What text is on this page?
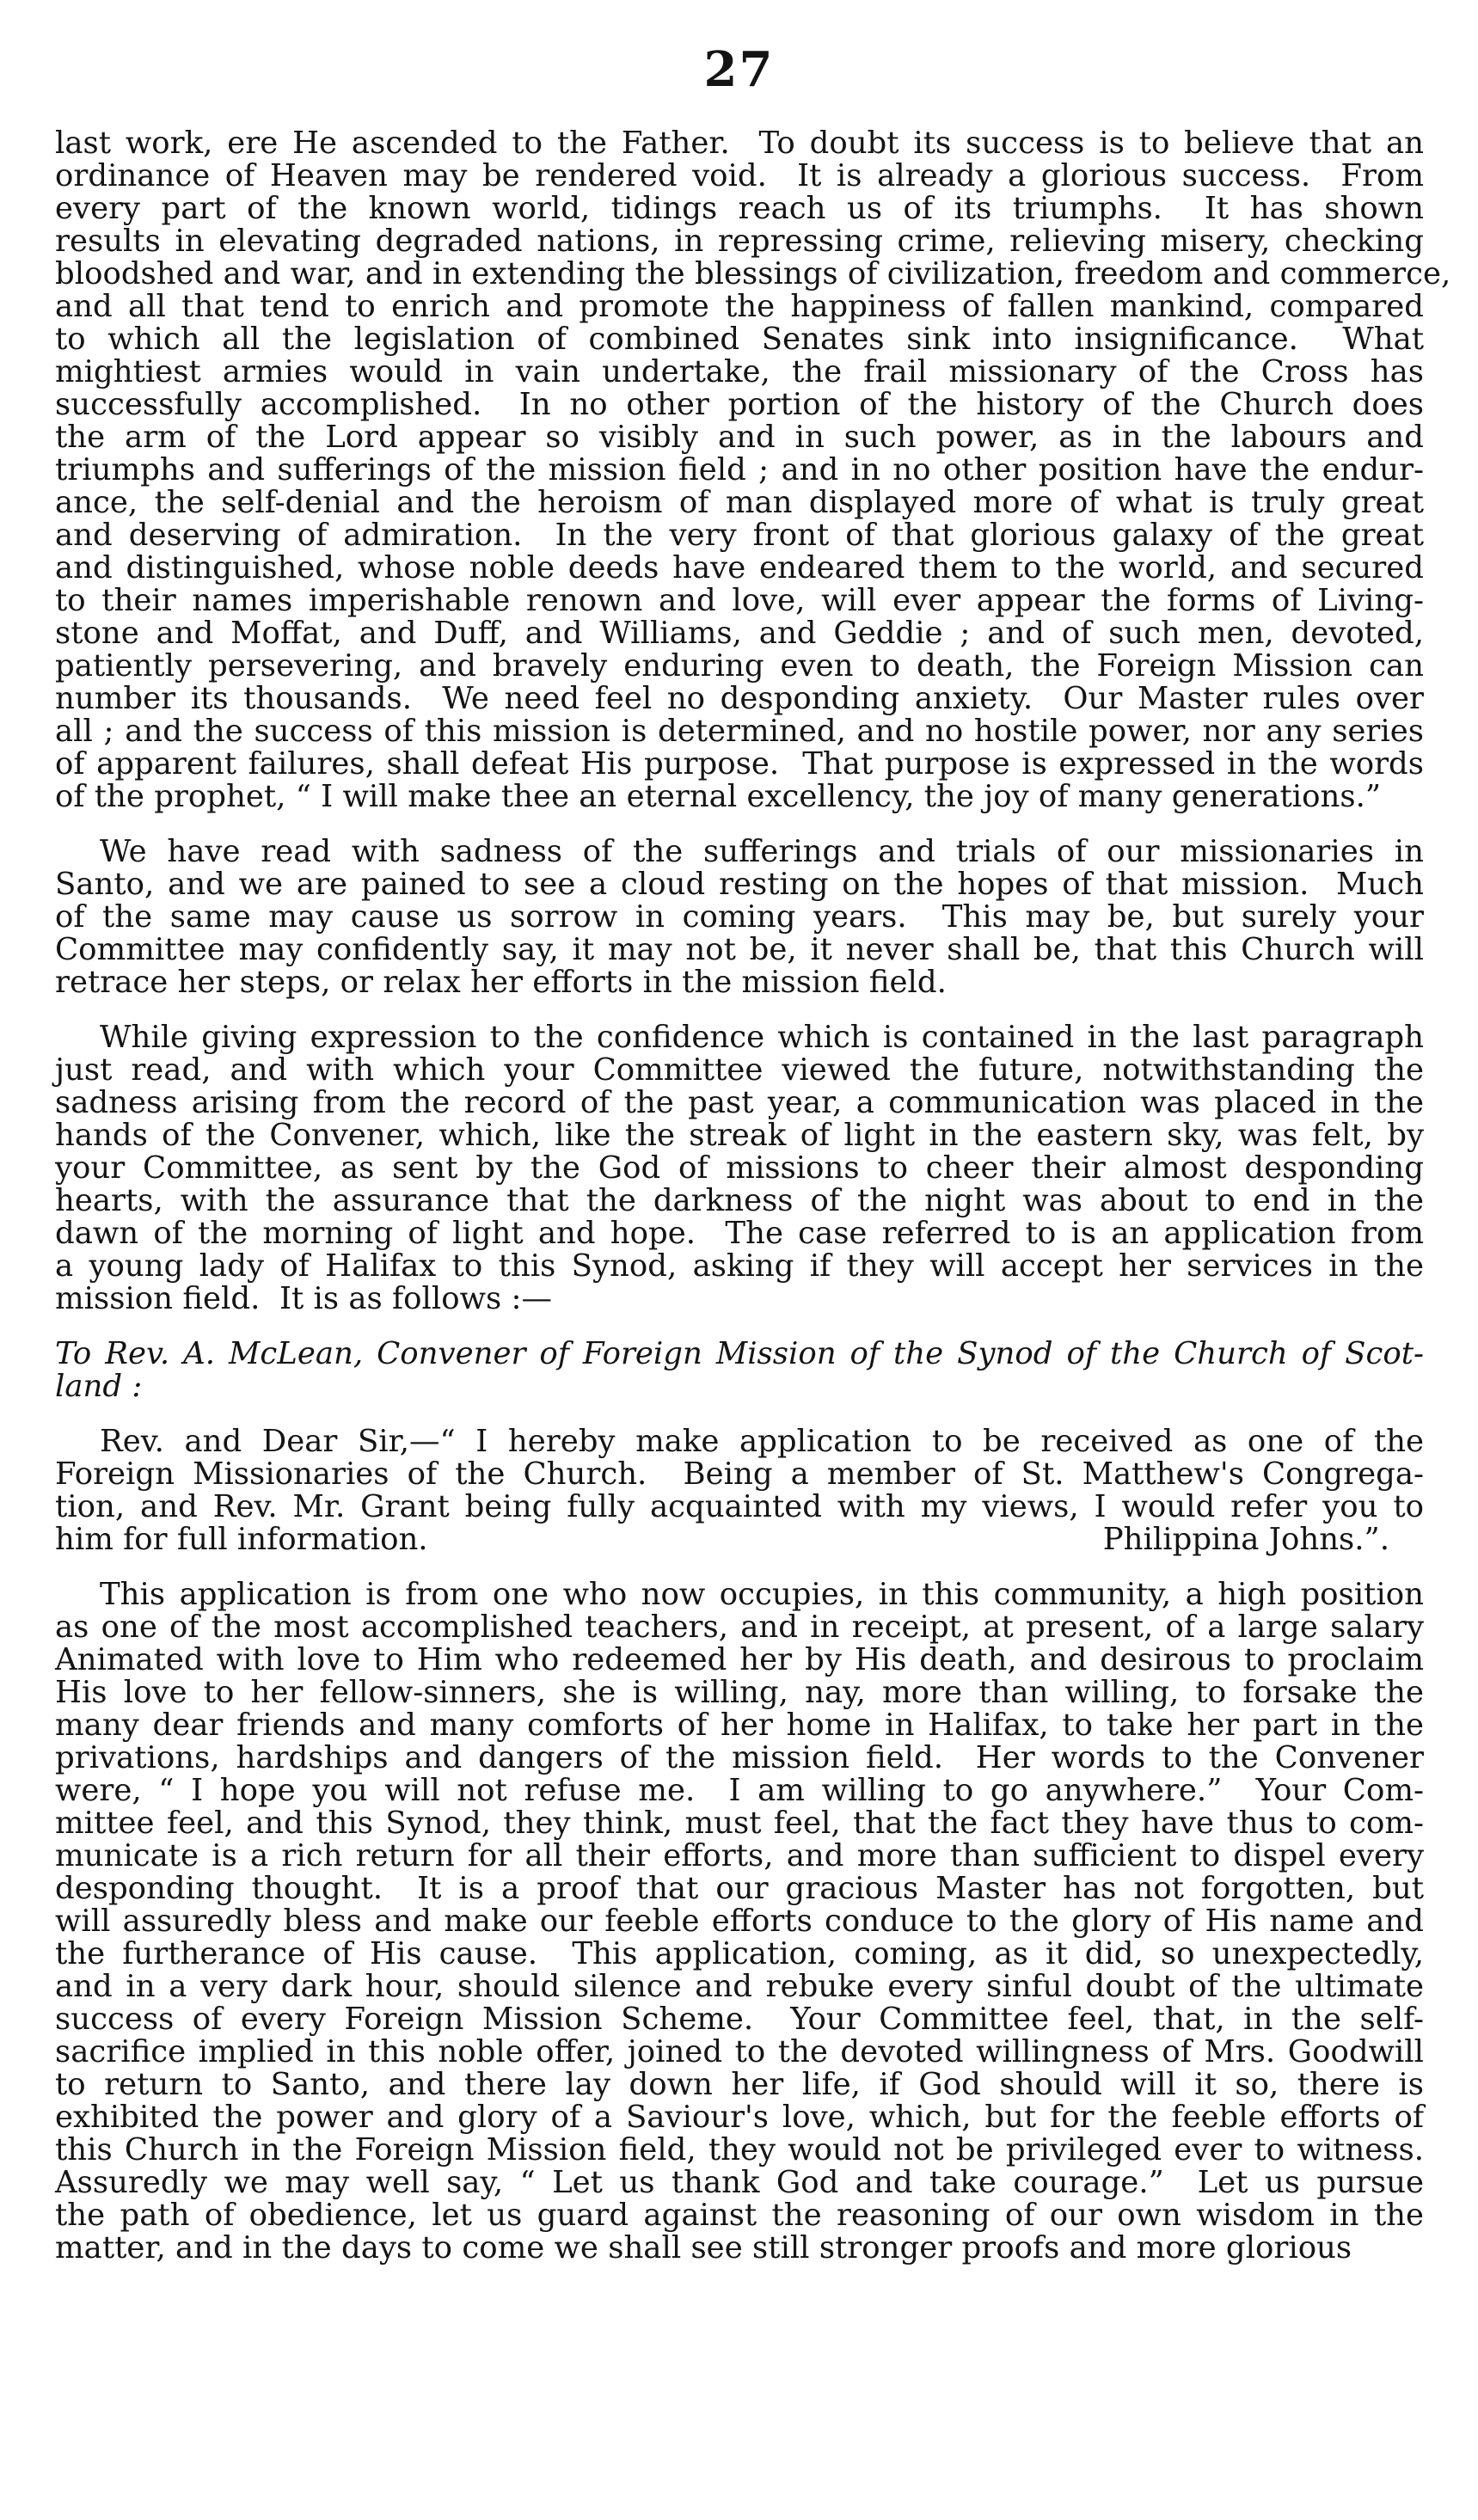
27
last work, ere He ascended to the Father.  To doubt its success is to believe that an
ordinance of Heaven may be rendered void.  It is already a glorious success.  From
every part of the known world, tidings reach us of its triumphs.  It has shown
results in elevating degraded nations, in repressing crime, relieving misery, checking
bloodshed and war, and in extending the blessings of civilization, freedom and commerce,
and all that tend to enrich and promote the happiness of fallen mankind, compared
to which all the legislation of combined Senates sink into insignificance.  What
mightiest armies would in vain undertake, the frail missionary of the Cross has
successfully accomplished.  In no other portion of the history of the Church does
the arm of the Lord appear so visibly and in such power, as in the labours and
triumphs and sufferings of the mission field ; and in no other position have the endur-
ance, the self-denial and the heroism of man displayed more of what is truly great
and deserving of admiration.  In the very front of that glorious galaxy of the great
and distinguished, whose noble deeds have endeared them to the world, and secured
to their names imperishable renown and love, will ever appear the forms of Living-
stone and Moffat, and Duff, and Williams, and Geddie ; and of such men, devoted,
patiently persevering, and bravely enduring even to death, the Foreign Mission can
number its thousands.  We need feel no desponding anxiety.  Our Master rules over
all ; and the success of this mission is determined, and no hostile power, nor any series
of apparent failures, shall defeat His purpose.  That purpose is expressed in the words
of the prophet, “ I will make thee an eternal excellency, the joy of many generations.”
We have read with sadness of the sufferings and trials of our missionaries in
Santo, and we are pained to see a cloud resting on the hopes of that mission.  Much
of the same may cause us sorrow in coming years.  This may be, but surely your
Committee may confidently say, it may not be, it never shall be, that this Church will
retrace her steps, or relax her efforts in the mission field.
While giving expression to the confidence which is contained in the last paragraph
just read, and with which your Committee viewed the future, notwithstanding the
sadness arising from the record of the past year, a communication was placed in the
hands of the Convener, which, like the streak of light in the eastern sky, was felt, by
your Committee, as sent by the God of missions to cheer their almost desponding
hearts, with the assurance that the darkness of the night was about to end in the
dawn of the morning of light and hope.  The case referred to is an application from
a young lady of Halifax to this Synod, asking if they will accept her services in the
mission field.  It is as follows :—
To Rev. A. McLean, Convener of Foreign Mission of the Synod of the Church of Scot-
land :
Rev. and Dear Sir,—“ I hereby make application to be received as one of the
Foreign Missionaries of the Church.  Being a member of St. Matthew's Congrega-
tion, and Rev. Mr. Grant being fully acquainted with my views, I would refer you to
him for full information.	Philippina Johns.”.
This application is from one who now occupies, in this community, a high position
as one of the most accomplished teachers, and in receipt, at present, of a large salary
Animated with love to Him who redeemed her by His death, and desirous to proclaim
His love to her fellow-sinners, she is willing, nay, more than willing, to forsake the
many dear friends and many comforts of her home in Halifax, to take her part in the
privations, hardships and dangers of the mission field.  Her words to the Convener
were, “ I hope you will not refuse me.  I am willing to go anywhere.”  Your Com-
mittee feel, and this Synod, they think, must feel, that the fact they have thus to com-
municate is a rich return for all their efforts, and more than sufficient to dispel every
desponding thought.  It is a proof that our gracious Master has not forgotten, but
will assuredly bless and make our feeble efforts conduce to the glory of His name and
the furtherance of His cause.  This application, coming, as it did, so unexpectedly,
and in a very dark hour, should silence and rebuke every sinful doubt of the ultimate
success of every Foreign Mission Scheme.  Your Committee feel, that, in the self-
sacrifice implied in this noble offer, joined to the devoted willingness of Mrs. Goodwill
to return to Santo, and there lay down her life, if God should will it so, there is
exhibited the power and glory of a Saviour's love, which, but for the feeble efforts of
this Church in the Foreign Mission field, they would not be privileged ever to witness.
Assuredly we may well say, “ Let us thank God and take courage.”  Let us pursue
the path of obedience, let us guard against the reasoning of our own wisdom in the
matter, and in the days to come we shall see still stronger proofs and more glorious
